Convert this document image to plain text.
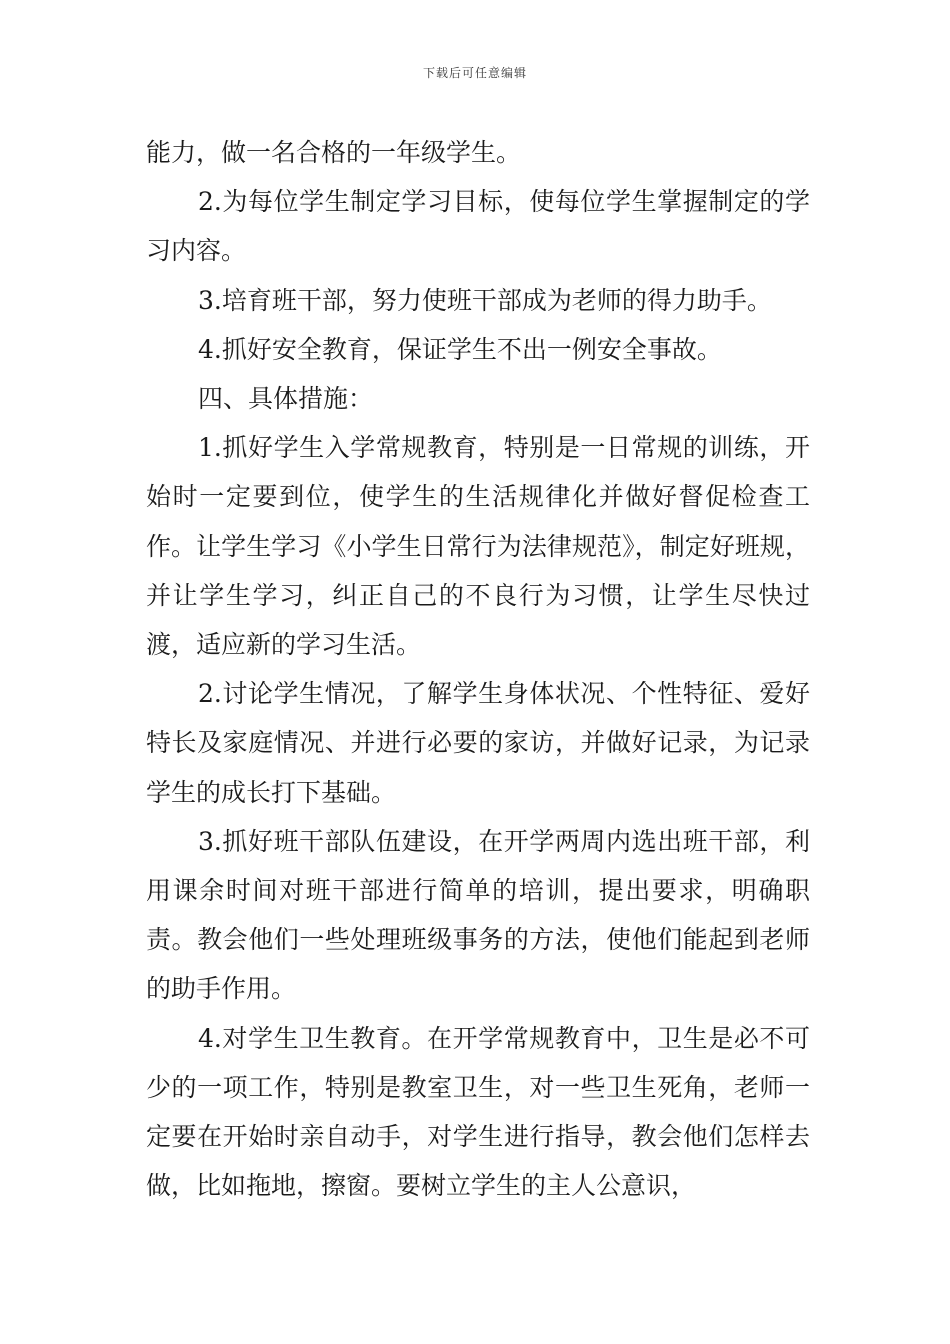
下载后可任意编辑

能力，做一名合格的一年级学生。

2.为每位学生制定学习目标，使每位学生掌握制定的学习内容。

3.培育班干部，努力使班干部成为老师的得力助手。

4.抓好安全教育，保证学生不出一例安全事故。

四、具体措施：

1.抓好学生入学常规教育，特别是一日常规的训练，开始时一定要到位，使学生的生活规律化并做好督促检查工作。让学生学习《小学生日常行为法律规范》，制定好班规，并让学生学习，纠正自己的不良行为习惯，让学生尽快过渡，适应新的学习生活。

2.讨论学生情况，了解学生身体状况、个性特征、爱好特长及家庭情况、并进行必要的家访，并做好记录，为记录学生的成长打下基础。

3.抓好班干部队伍建设，在开学两周内选出班干部，利用课余时间对班干部进行简单的培训，提出要求，明确职责。教会他们一些处理班级事务的方法，使他们能起到老师的助手作用。

4.对学生卫生教育。在开学常规教育中，卫生是必不可少的一项工作，特别是教室卫生，对一些卫生死角，老师一定要在开始时亲自动手，对学生进行指导，教会他们怎样去做，比如拖地，擦窗。要树立学生的主人公意识，
